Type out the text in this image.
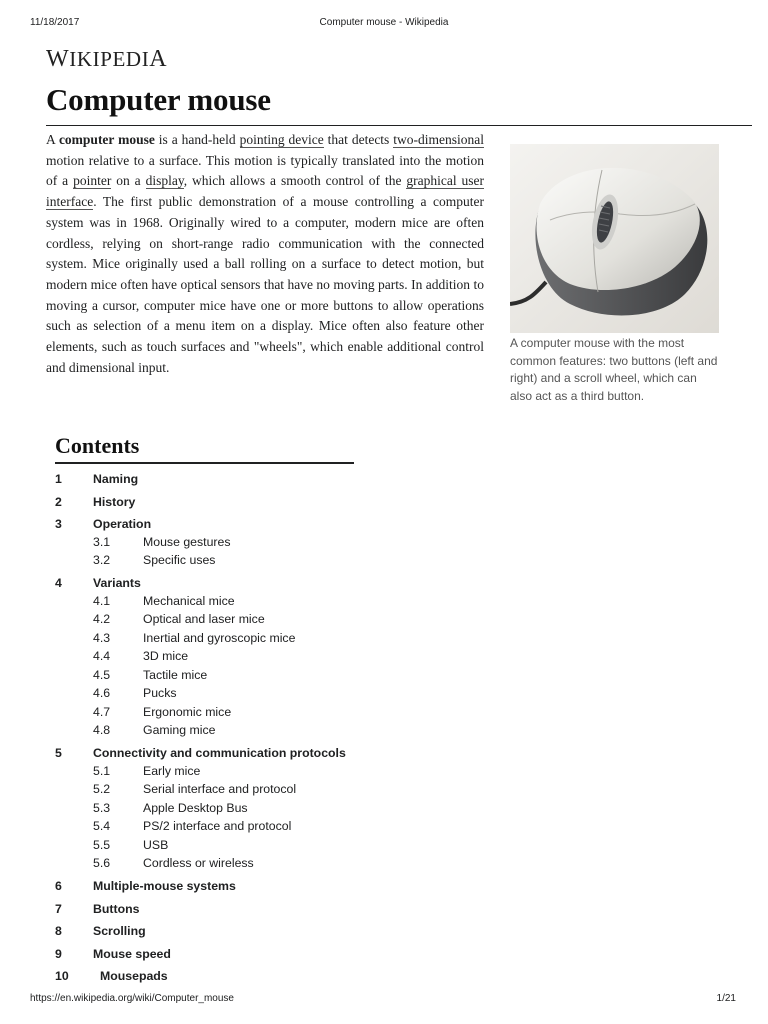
11/18/2017	Computer mouse - Wikipedia
WIKIPEDIA
Computer mouse
A computer mouse is a hand-held pointing device that detects two-dimensional motion relative to a surface. This motion is typically translated into the motion of a pointer on a display, which allows a smooth control of the graphical user interface. The first public demonstration of a mouse controlling a computer system was in 1968. Originally wired to a computer, modern mice are often cordless, relying on short-range radio communication with the connected system. Mice originally used a ball rolling on a surface to detect motion, but modern mice often have optical sensors that have no moving parts. In addition to moving a cursor, computer mice have one or more buttons to allow operations such as selection of a menu item on a display. Mice often also feature other elements, such as touch surfaces and "wheels", which enable additional control and dimensional input.
A computer mouse with the most common features: two buttons (left and right) and a scroll wheel, which can also act as a third button.
Contents
1	Naming
2	History
3	Operation
3.1	Mouse gestures
3.2	Specific uses
4	Variants
4.1	Mechanical mice
4.2	Optical and laser mice
4.3	Inertial and gyroscopic mice
4.4	3D mice
4.5	Tactile mice
4.6	Pucks
4.7	Ergonomic mice
4.8	Gaming mice
5	Connectivity and communication protocols
5.1	Early mice
5.2	Serial interface and protocol
5.3	Apple Desktop Bus
5.4	PS/2 interface and protocol
5.5	USB
5.6	Cordless or wireless
6	Multiple-mouse systems
7	Buttons
8	Scrolling
9	Mouse speed
10	Mousepads
https://en.wikipedia.org/wiki/Computer_mouse	1/21
